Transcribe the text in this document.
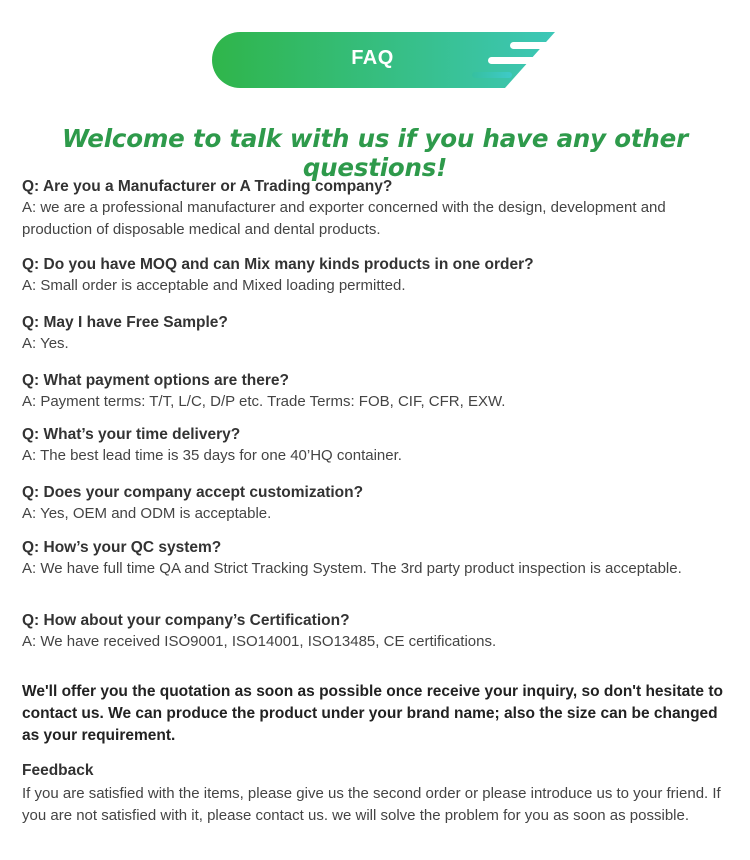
FAQ
Welcome to talk with us if you have any other questions!

Q: Are you a Manufacturer or A Trading company?

A: we are a professional manufacturer and exporter concerned with the design, development and production of disposable medical and dental products.

Q: Do you have MOQ and can Mix many kinds products in one order?

A: Small order is acceptable and Mixed loading permitted.

Q: May I have Free Sample?

A: Yes.

Q: What payment options are there?

A: Payment terms: T/T, L/C, D/P etc. Trade Terms: FOB, CIF, CFR, EXW.

Q: What’s your time delivery?

A: The best lead time is 35 days for one 40’HQ container.

Q: Does your company accept customization?

A: Yes, OEM and ODM is acceptable.

Q: How’s your QC system?

A: We have full time QA and Strict Tracking System. The 3rd party product inspection is acceptable.

Q: How about your company’s Certification?

A: We have received ISO9001, ISO14001, ISO13485, CE certifications.

We'll offer you the quotation as soon as possible once receive your inquiry, so don't hesitate to contact us. We can produce the product under your brand name; also the size can be changed as your requirement.

Feedback

If you are satisfied with the items, please give us the second order or please introduce us to your friend. If you are not satisfied with it, please contact us. we will solve the problem for you as soon as possible.
